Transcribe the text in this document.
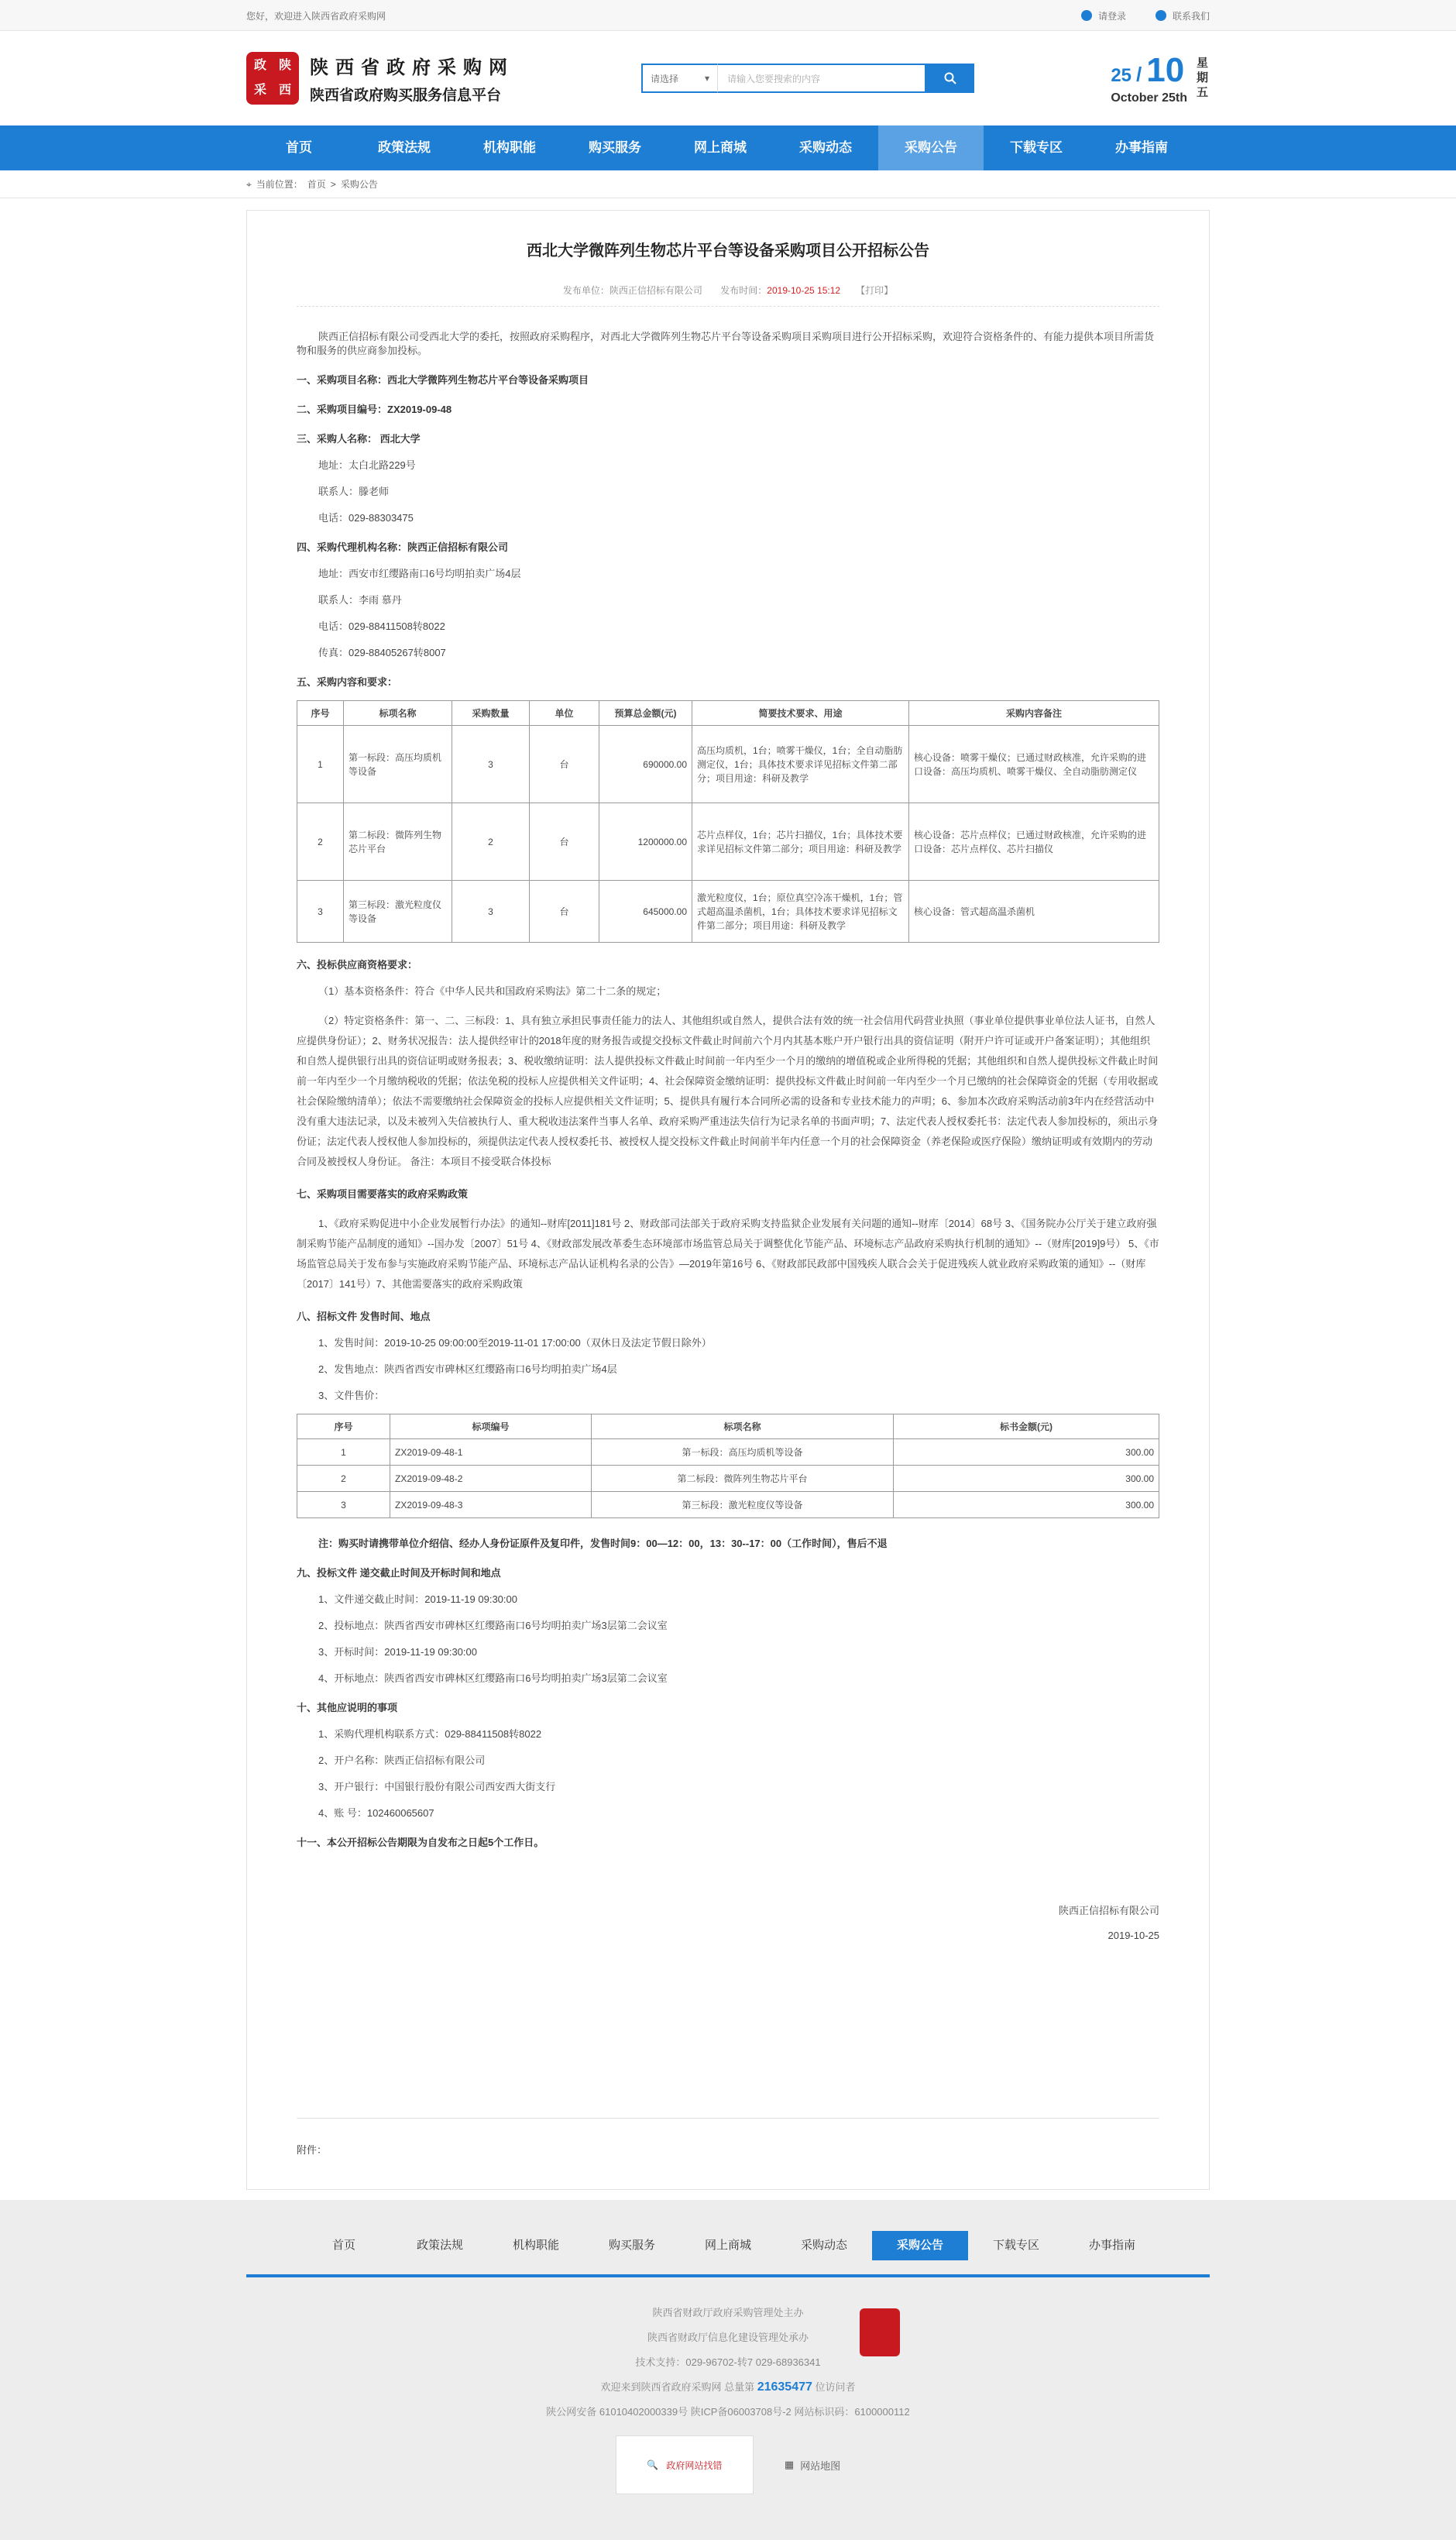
您好，欢迎进入陕西省政府采购网	请登录	联系我们
政 陕
采 西
陕西省政府采购网
陕西省政府购买服务信息平台
请选择	▾	请输入您要搜索的内容	25 / 10
October 25th 星期五
首页	政策法规	机构职能	购买服务	网上商城	采购动态	采购公告	下载专区	办事指南
⌖ 当前位置： 首页 > 采购公告
西北大学微阵列生物芯片平台等设备采购项目公开招标公告
发布单位：陕西正信招标有限公司 发布时间：2019-10-25 15:12 【打印】
陕西正信招标有限公司受西北大学的委托，按照政府采购程序，对西北大学微阵列生物芯片平台等设备采购项目采购项目进行公开招标采购，欢迎符合资格条件的、有能力提供本项目所需货物和服务的供应商参加投标。
一、采购项目名称：西北大学微阵列生物芯片平台等设备采购项目
二、采购项目编号：ZX2019-09-48
三、采购人名称： 西北大学
地址：太白北路229号
联系人：滕老师
电话：029-88303475
四、采购代理机构名称：陕西正信招标有限公司
地址：西安市红缨路南口6号均明拍卖广场4层
联系人：李雨 慕丹
电话：029-88411508转8022
传真：029-88405267转8007
五、采购内容和要求：
序号	标项名称	采购数量	单位	预算总金额(元)	简要技术要求、用途	采购内容备注
1	第一标段：高压均质机等设备	3	台	690000.00	高压均质机，1台；喷雾干燥仪，1台；全自动脂肪测定仪，1台；具体技术要求详见招标文件第二部分；项目用途：科研及教学	核心设备：喷雾干燥仪；已通过财政核准，允许采购的进口设备：高压均质机、喷雾干燥仪、全自动脂肪测定仪
2	第二标段：微阵列生物芯片平台	2	台	1200000.00	芯片点样仪，1台；芯片扫描仪，1台；具体技术要求详见招标文件第二部分；项目用途：科研及教学	核心设备：芯片点样仪；已通过财政核准，允许采购的进口设备：芯片点样仪、芯片扫描仪
3	第三标段：激光粒度仪等设备	3	台	645000.00	激光粒度仪，1台；原位真空冷冻干燥机，1台；管式超高温杀菌机，1台；具体技术要求详见招标文件第二部分；项目用途：科研及教学	核心设备：管式超高温杀菌机
六、投标供应商资格要求：
（1）基本资格条件：符合《中华人民共和国政府采购法》第二十二条的规定；
（2）特定资格条件：第一、二、三标段：1、具有独立承担民事责任能力的法人、其他组织或自然人，提供合法有效的统一社会信用代码营业执照（事业单位提供事业单位法人证书，自然人应提供身份证）；2、财务状况报告：法人提供经审计的2018年度的财务报告或提交投标文件截止时间前六个月内其基本账户开户银行出具的资信证明（附开户许可证或开户备案证明）；其他组织和自然人提供银行出具的资信证明或财务报表；3、税收缴纳证明：法人提供投标文件截止时间前一年内至少一个月的缴纳的增值税或企业所得税的凭据；其他组织和自然人提供投标文件截止时间前一年内至少一个月缴纳税收的凭据；依法免税的投标人应提供相关文件证明；4、社会保障资金缴纳证明：提供投标文件截止时间前一年内至少一个月已缴纳的社会保障资金的凭据（专用收据或社会保险缴纳清单）；依法不需要缴纳社会保障资金的投标人应提供相关文件证明；5、提供具有履行本合同所必需的设备和专业技术能力的声明；6、参加本次政府采购活动前3年内在经营活动中没有重大违法记录，以及未被列入失信被执行人、重大税收违法案件当事人名单、政府采购严重违法失信行为记录名单的书面声明；7、法定代表人授权委托书：法定代表人参加投标的，须出示身份证；法定代表人授权他人参加投标的，须提供法定代表人授权委托书、被授权人提交投标文件截止时间前半年内任意一个月的社会保障资金（养老保险或医疗保险）缴纳证明或有效期内的劳动合同及被授权人身份证。 备注：本项目不接受联合体投标
七、采购项目需要落实的政府采购政策
1、《政府采购促进中小企业发展暂行办法》的通知--财库[2011]181号 2、财政部司法部关于政府采购支持监狱企业发展有关问题的通知--财库〔2014〕68号 3、《国务院办公厅关于建立政府强制采购节能产品制度的通知》--国办发〔2007〕51号 4、《财政部发展改革委生态环境部市场监管总局关于调整优化节能产品、环境标志产品政府采购执行机制的通知》--（财库[2019]9号） 5、《市场监管总局关于发布参与实施政府采购节能产品、环境标志产品认证机构名录的公告》—2019年第16号 6、《财政部民政部中国残疾人联合会关于促进残疾人就业政府采购政策的通知》--（财库〔2017〕141号）7、其他需要落实的政府采购政策
八、招标文件 发售时间、地点
1、发售时间：2019-10-25 09:00:00至2019-11-01 17:00:00（双休日及法定节假日除外）
2、发售地点：陕西省西安市碑林区红缨路南口6号均明拍卖广场4层
3、文件售价：
序号	标项编号	标项名称	标书金额(元)
1	ZX2019-09-48-1	第一标段：高压均质机等设备	300.00
2	ZX2019-09-48-2	第二标段：微阵列生物芯片平台	300.00
3	ZX2019-09-48-3	第三标段：激光粒度仪等设备	300.00
注：购买时请携带单位介绍信、经办人身份证原件及复印件，发售时间9：00—12：00，13：30--17：00（工作时间），售后不退
九、投标文件 递交截止时间及开标时间和地点
1、文件递交截止时间：2019-11-19 09:30:00
2、投标地点：陕西省西安市碑林区红缨路南口6号均明拍卖广场3层第二会议室
3、开标时间：2019-11-19 09:30:00
4、开标地点：陕西省西安市碑林区红缨路南口6号均明拍卖广场3层第二会议室
十、其他应说明的事项
1、采购代理机构联系方式：029-88411508转8022
2、开户名称：陕西正信招标有限公司
3、开户银行：中国银行股份有限公司西安西大街支行
4、账 号：102460065607
十一、本公开招标公告期限为自发布之日起5个工作日。
陕西正信招标有限公司
2019-10-25
附件：
首页	政策法规	机构职能	购买服务	网上商城	采购动态	采购公告	下载专区	办事指南
陕西省财政厅政府采购管理处主办
陕西省财政厅信息化建设管理处承办
技术支持：029-96702-转7 029-68936341
欢迎来到陕西省政府采购网 总量第 21635477 位访问者
陕公网安备 61010402000339号 陕ICP备06003708号-2 网站标识码：6100000112
🔍 政府网站找错	▦ 网站地图
